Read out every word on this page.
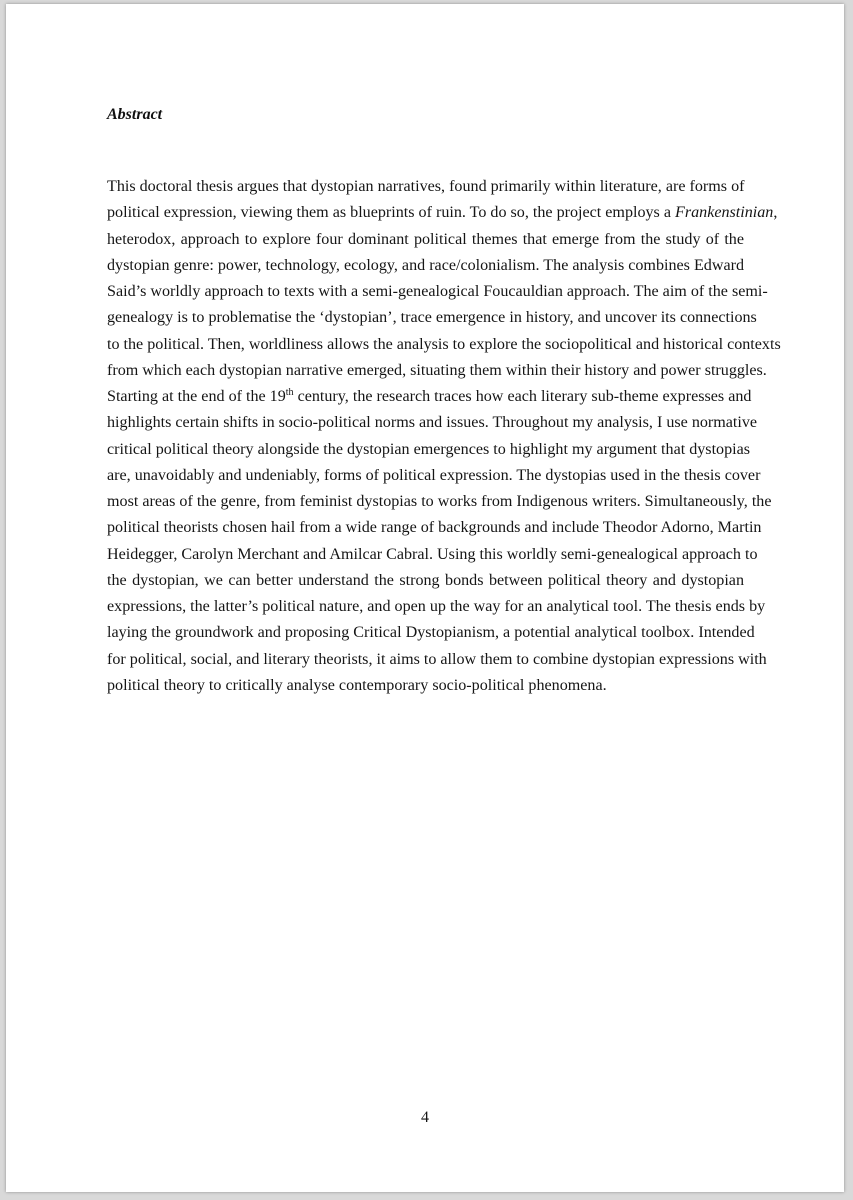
Abstract

This doctoral thesis argues that dystopian narratives, found primarily within literature, are forms of
political expression, viewing them as blueprints of ruin. To do so, the project employs a Frankenstinian,
heterodox, approach to explore four dominant political themes that emerge from the study of the
dystopian genre: power, technology, ecology, and race/colonialism. The analysis combines Edward
Said’s worldly approach to texts with a semi-genealogical Foucauldian approach. The aim of the semi-
genealogy is to problematise the ‘dystopian’, trace emergence in history, and uncover its connections
to the political. Then, worldliness allows the analysis to explore the sociopolitical and historical contexts
from which each dystopian narrative emerged, situating them within their history and power struggles.
Starting at the end of the 19th century, the research traces how each literary sub-theme expresses and
highlights certain shifts in socio-political norms and issues. Throughout my analysis, I use normative
critical political theory alongside the dystopian emergences to highlight my argument that dystopias
are, unavoidably and undeniably, forms of political expression. The dystopias used in the thesis cover
most areas of the genre, from feminist dystopias to works from Indigenous writers. Simultaneously, the
political theorists chosen hail from a wide range of backgrounds and include Theodor Adorno, Martin
Heidegger, Carolyn Merchant and Amilcar Cabral. Using this worldly semi-genealogical approach to
the dystopian, we can better understand the strong bonds between political theory and dystopian
expressions, the latter’s political nature, and open up the way for an analytical tool. The thesis ends by
laying the groundwork and proposing Critical Dystopianism, a potential analytical toolbox. Intended
for political, social, and literary theorists, it aims to allow them to combine dystopian expressions with
political theory to critically analyse contemporary socio-political phenomena.

4
